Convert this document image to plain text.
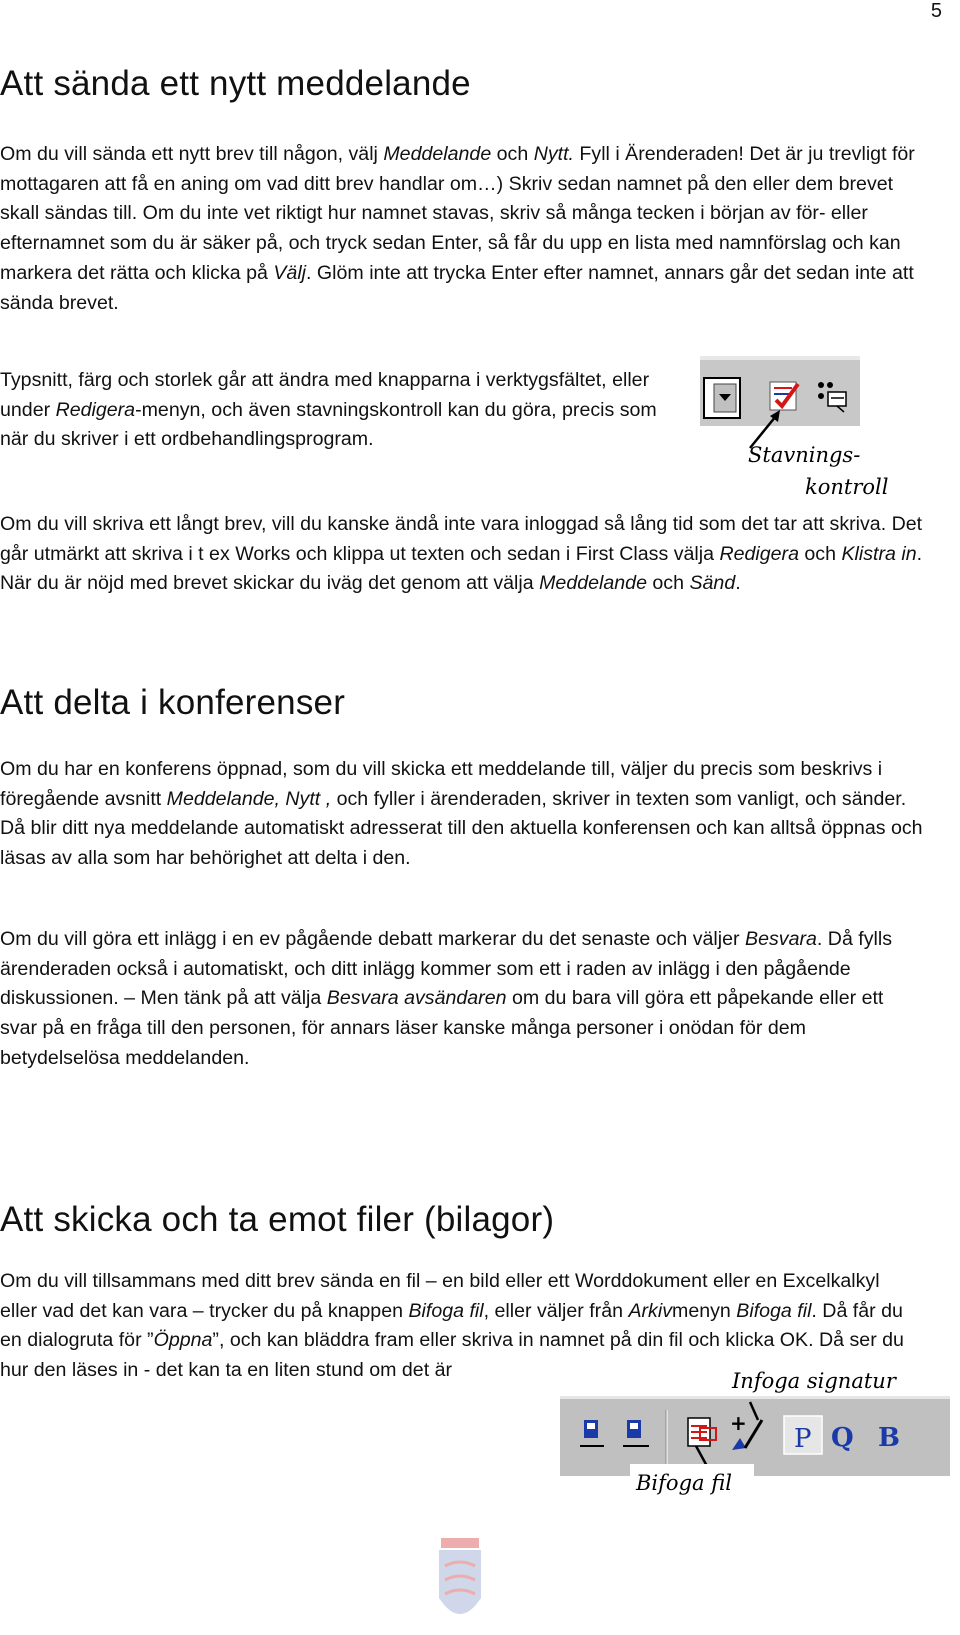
5
Att sända ett nytt meddelande

Om du vill sända ett nytt brev till någon, välj Meddelande och Nytt. Fyll i Ärenderaden! Det är ju trevligt för mottagaren att få en aning om vad ditt brev handlar om…) Skriv sedan namnet på den eller dem brevet skall sändas till. Om du inte vet riktigt hur namnet stavas, skriv så många tecken i början av för- eller efternamnet som du är säker på, och tryck sedan Enter, så får du upp en lista med namnförslag och kan markera det rätta och klicka på Välj. Glöm inte att trycka Enter efter namnet, annars går det sedan inte att sända brevet.

Typsnitt, färg och storlek går att ändra med knapparna i verktygsfältet, eller under Redigera-menyn, och även stavningskontroll kan du göra, precis som när du skriver i ett ordbehandlingsprogram.

Stavnings-
kontroll

Om du vill skriva ett långt brev, vill du kanske ändå inte vara inloggad så lång tid som det tar att skriva. Det går utmärkt att skriva i t ex Works och klippa ut texten och sedan i First Class välja Redigera och Klistra in. När du är nöjd med brevet skickar du iväg det genom att välja Meddelande och Sänd.

Att delta i konferenser

Om du har en konferens öppnad, som du vill skicka ett meddelande till, väljer du precis som beskrivs i föregående avsnitt Meddelande, Nytt , och fyller i ärenderaden, skriver in texten som vanligt, och sänder. Då blir ditt nya meddelande automatiskt adresserat till den aktuella konferensen och kan alltså öppnas och läsas av alla som har behörighet att delta i den.

Om du vill göra ett inlägg i en ev pågående debatt markerar du det senaste och väljer Besvara. Då fylls ärenderaden också i automatiskt, och ditt inlägg kommer som ett i raden av inlägg i den pågående diskussionen. – Men tänk på att välja Besvara avsändaren om du bara vill göra ett påpekande eller ett svar på en fråga till den personen, för annars läser kanske många personer i onödan för dem betydelselösa meddelanden.

Att skicka och ta emot filer (bilagor)

Om du vill tillsammans med ditt brev sända en fil – en bild eller ett Worddokument eller en Excelkalkyl eller vad det kan vara – trycker du på knappen Bifoga fil, eller väljer från Arkivmenyn Bifoga fil. Då får du en dialogruta för ”Öppna”, och kan bläddra fram eller skriva in namnet på din fil och klicka OK. Då ser du hur den läses in - det kan ta en liten stund om det är

+
P Q B
Infoga signatur
Bifoga fil
